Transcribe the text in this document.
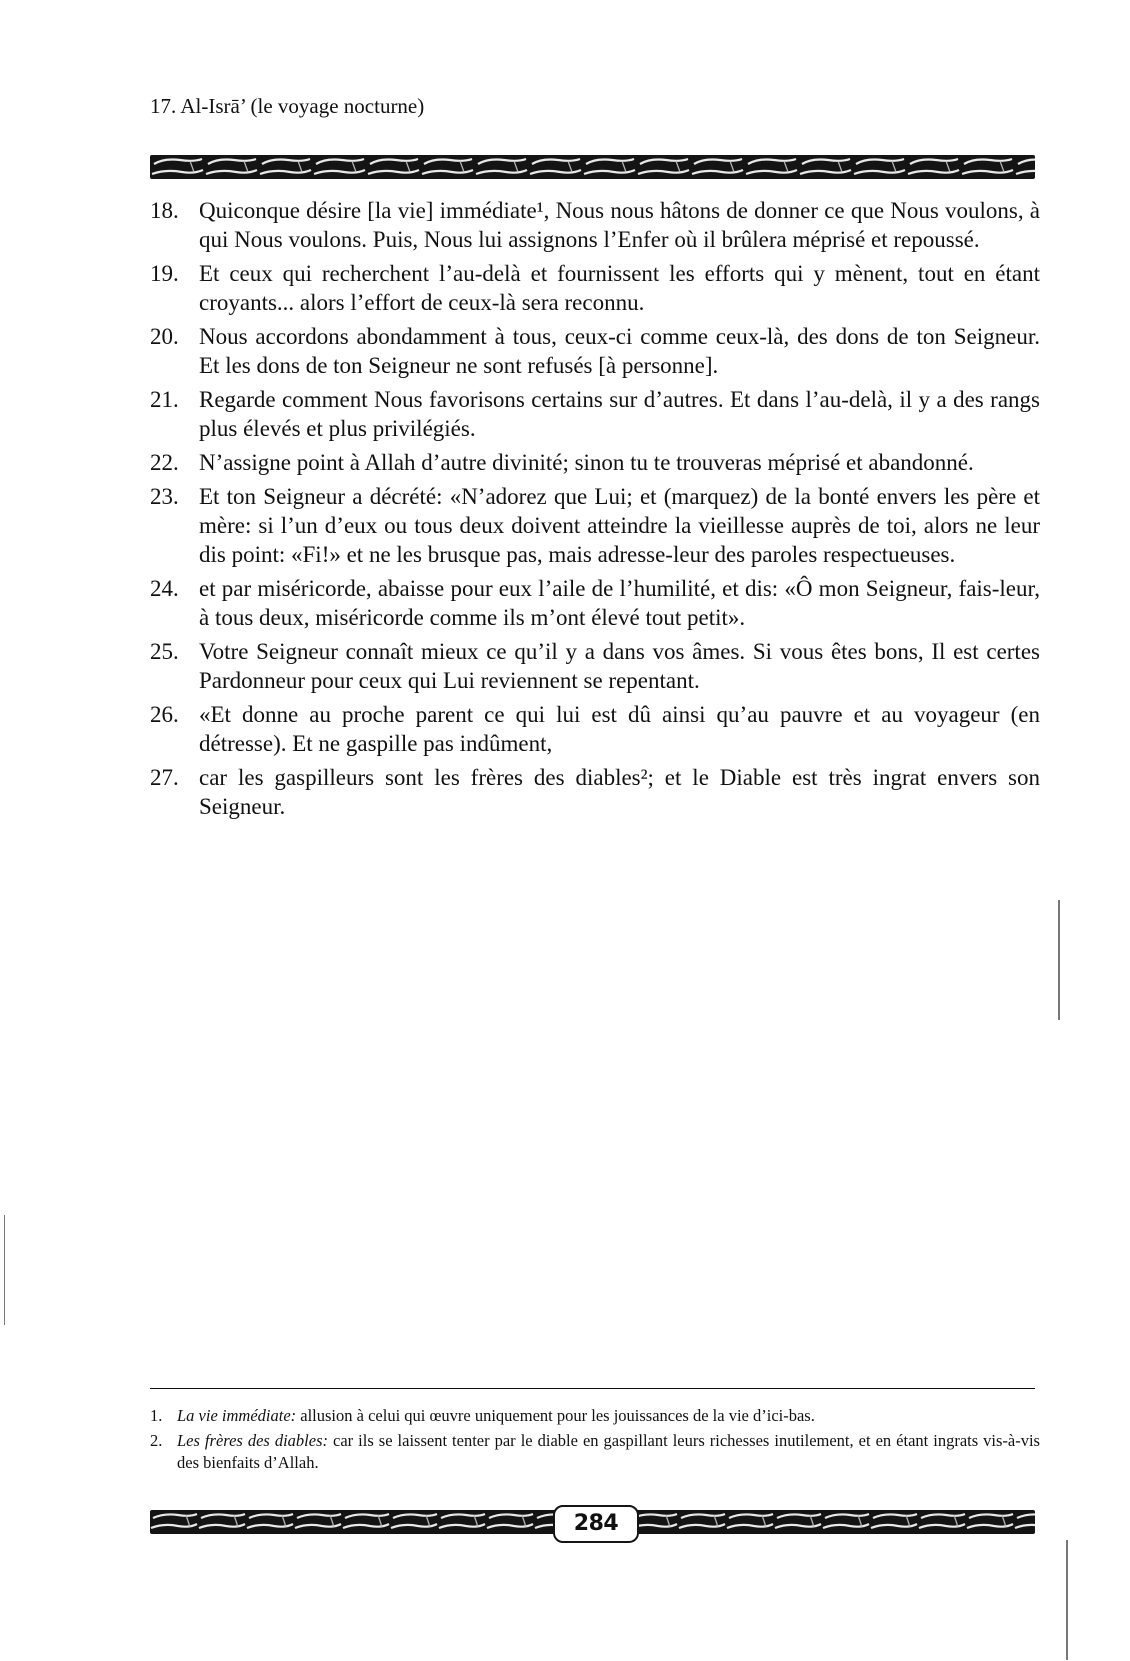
17. Al-Isrā’ (le voyage nocturne)
18. Quiconque désire [la vie] immédiate¹, Nous nous hâtons de donner ce que Nous voulons, à qui Nous voulons. Puis, Nous lui assignons l’Enfer où il brûlera méprisé et repoussé.
19. Et ceux qui recherchent l’au-delà et fournissent les efforts qui y mènent, tout en étant croyants... alors l’effort de ceux-là sera reconnu.
20. Nous accordons abondamment à tous, ceux-ci comme ceux-là, des dons de ton Seigneur. Et les dons de ton Seigneur ne sont refusés [à personne].
21. Regarde comment Nous favorisons certains sur d’autres. Et dans l’au-delà, il y a des rangs plus élevés et plus privilégiés.
22. N’assigne point à Allah d’autre divinité; sinon tu te trouveras méprisé et abandonné.
23. Et ton Seigneur a décrété: «N’adorez que Lui; et (marquez) de la bonté envers les père et mère: si l’un d’eux ou tous deux doivent atteindre la vieillesse auprès de toi, alors ne leur dis point: «Fi!» et ne les brusque pas, mais adresse-leur des paroles respectueuses.
24. et par miséricorde, abaisse pour eux l’aile de l’humilité, et dis: «Ô mon Seigneur, fais-leur, à tous deux, miséricorde comme ils m’ont élevé tout petit».
25. Votre Seigneur connaît mieux ce qu’il y a dans vos âmes. Si vous êtes bons, Il est certes Pardonneur pour ceux qui Lui reviennent se repentant.
26. «Et donne au proche parent ce qui lui est dû ainsi qu’au pauvre et au voyageur (en détresse). Et ne gaspille pas indûment,
27. car les gaspilleurs sont les frères des diables²; et le Diable est très ingrat envers son Seigneur.
1. La vie immédiate: allusion à celui qui œuvre uniquement pour les jouissances de la vie d’ici-bas.
2. Les frères des diables: car ils se laissent tenter par le diable en gaspillant leurs richesses inutilement, et en étant ingrats vis-à-vis des bienfaits d’Allah.
284
